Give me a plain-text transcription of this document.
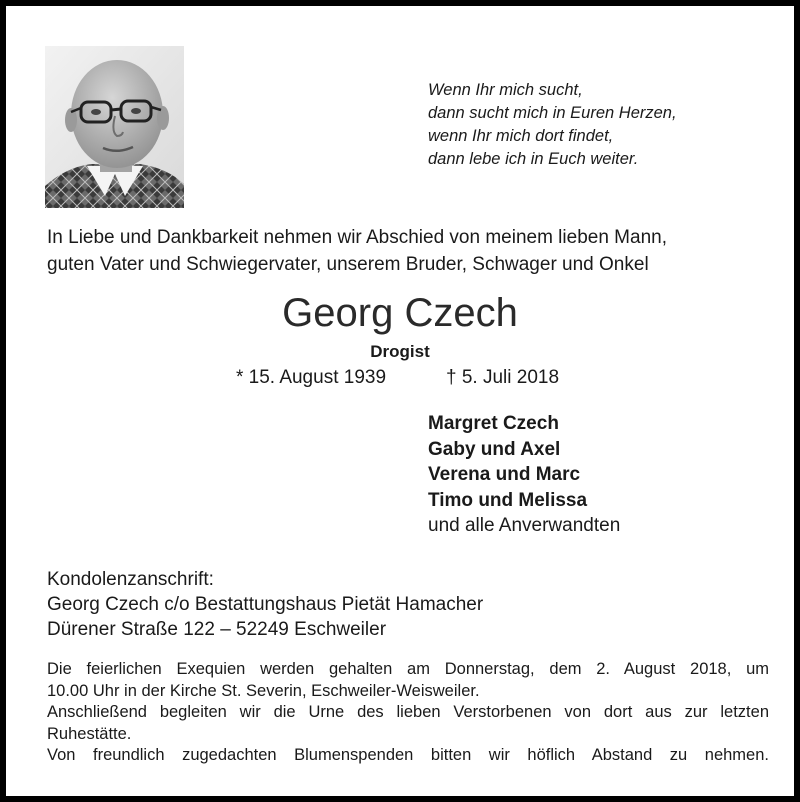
Wenn Ihr mich sucht,
dann sucht mich in Euren Herzen,
wenn Ihr mich dort findet,
dann lebe ich in Euch weiter.
In Liebe und Dankbarkeit nehmen wir Abschied von meinem lieben Mann,
guten Vater und Schwiegervater, unserem Bruder, Schwager und Onkel
Georg Czech
Drogist
* 15. August 1939	† 5. Juli 2018
Margret Czech
Gaby und Axel
Verena und Marc
Timo und Melissa
und alle Anverwandten
Kondolenzanschrift:
Georg Czech c/o Bestattungshaus Pietät Hamacher
Dürener Straße 122 – 52249 Eschweiler
Die feierlichen Exequien werden gehalten am Donnerstag, dem 2. August 2018, um
10.00 Uhr in der Kirche St. Severin, Eschweiler-Weisweiler.
Anschließend begleiten wir die Urne des lieben Verstorbenen von dort aus zur letzten
Ruhestätte.
Von freundlich zugedachten Blumenspenden bitten wir höflich Abstand zu nehmen.
